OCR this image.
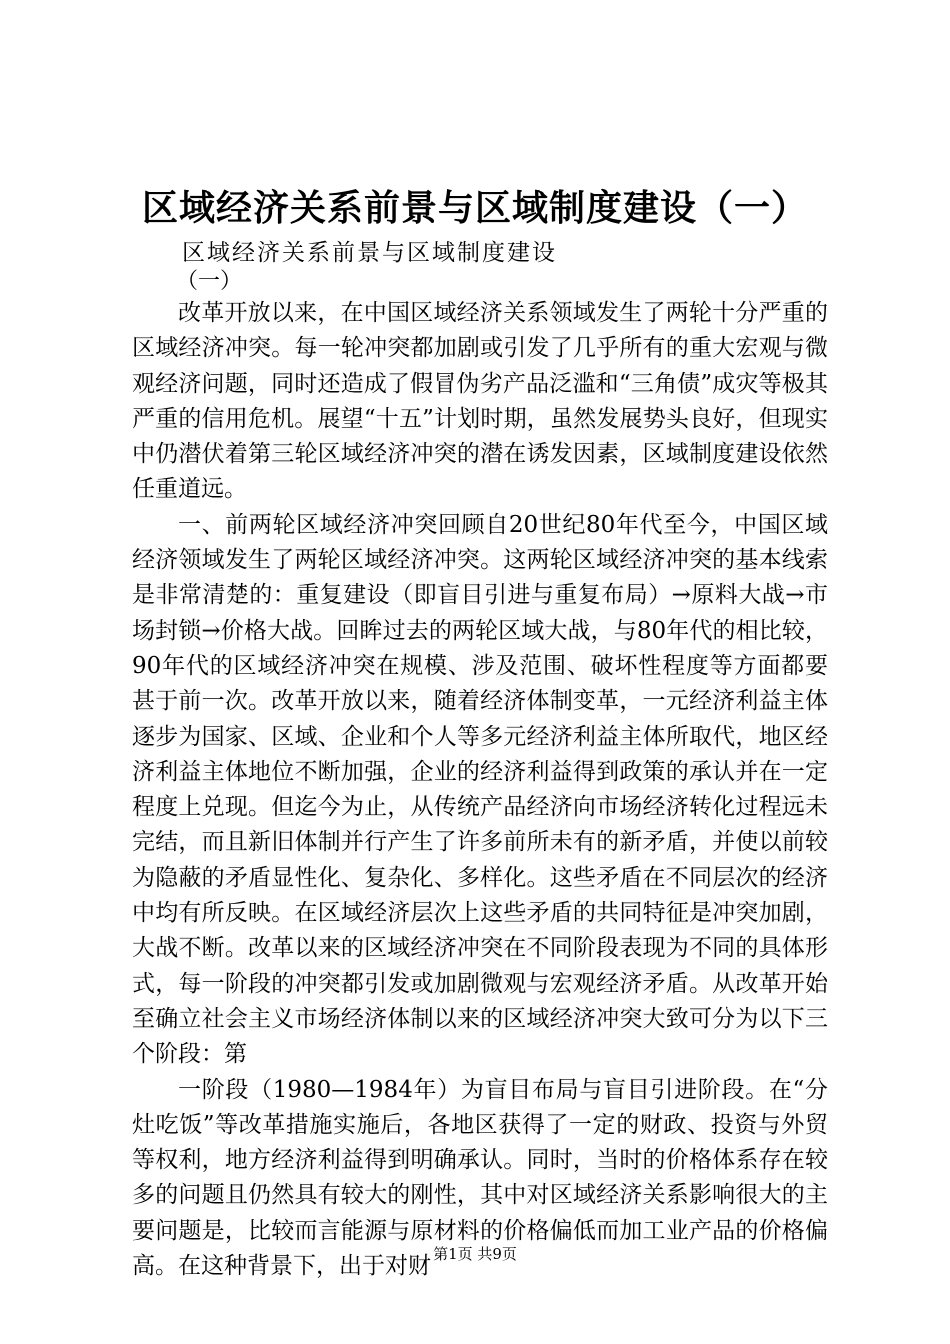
区域经济关系前景与区域制度建设（一）
区域经济关系前景与区域制度建设
（一）

改革开放以来，在中国区域经济关系领域发生了两轮十分严重的区域经济冲突。每一轮冲突都加剧或引发了几乎所有的重大宏观与微观经济问题，同时还造成了假冒伪劣产品泛滥和“三角债”成灾等极其严重的信用危机。展望“十五”计划时期，虽然发展势头良好，但现实中仍潜伏着第三轮区域经济冲突的潜在诱发因素，区域制度建设依然任重道远。

一、前两轮区域经济冲突回顾自20世纪80年代至今，中国区域经济领域发生了两轮区域经济冲突。这两轮区域经济冲突的基本线索是非常清楚的：重复建设（即盲目引进与重复布局）→原料大战→市场封锁→价格大战。回眸过去的两轮区域大战，与80年代的相比较，90年代的区域经济冲突在规模、涉及范围、破坏性程度等方面都要甚于前一次。改革开放以来，随着经济体制变革，一元经济利益主体逐步为国家、区域、企业和个人等多元经济利益主体所取代，地区经济利益主体地位不断加强，企业的经济利益得到政策的承认并在一定程度上兑现。但迄今为止，从传统产品经济向市场经济转化过程远未完结，而且新旧体制并行产生了许多前所未有的新矛盾，并使以前较为隐蔽的矛盾显性化、复杂化、多样化。这些矛盾在不同层次的经济中均有所反映。在区域经济层次上这些矛盾的共同特征是冲突加剧，大战不断。改革以来的区域经济冲突在不同阶段表现为不同的具体形式，每一阶段的冲突都引发或加剧微观与宏观经济矛盾。从改革开始至确立社会主义市场经济体制以来的区域经济冲突大致可分为以下三个阶段：第

一阶段（1980—1984年）为盲目布局与盲目引进阶段。在“分灶吃饭”等改革措施实施后，各地区获得了一定的财政、投资与外贸等权利，地方经济利益得到明确承认。同时，当时的价格体系存在较多的问题且仍然具有较大的刚性，其中对区域经济关系影响很大的主要问题是，比较而言能源与原材料的价格偏低而加工业产品的价格偏高。在这种背景下，出于对财 第1页 共9页
